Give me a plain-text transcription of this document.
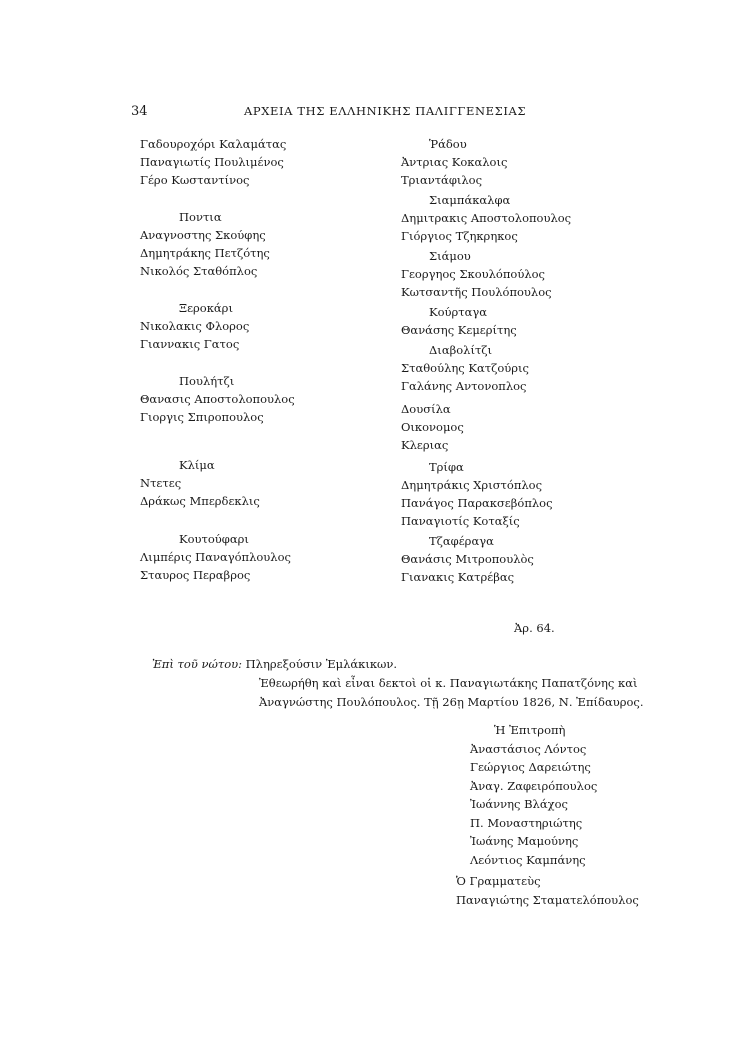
34	ΑΡΧΕΙΑ ΤΗΣ ΕΛΛΗΝΙΚΗΣ ΠΑΛΙΓΓΕΝΕΣΙΑΣ
Γαδουροχόρι Καλαμάτας
Παναγιωτίς Πουλιμένος
Γέρο Κωσταντίνος
Ποντια
Αναγνοστης Σκούφης
Δημητράκης Πετζότης
Νικολός Σταθόπλος
Ξεροκάρι
Νικολακις Φλορος
Γιαννακις Γατος
Πουλήτζι
Θανασις Αποστολοπουλος
Γιοργις Σπιροπουλος
Κλίμα
Ντετες
Δράκως Μπερδεκλις
Κουτούφαρι
Λιμπέρις Παναγόπλουλος
Σταυρος Περαβρος
Ῥάδου
Ἀντριας Κοκαλοις
Τριαντάφιλος
Σιαμπάκαλφα
Δημιτρακις Αποστολοπουλος
Γιόργιος Τζηκρηκος
Σιάμου
Γεοργηος Σκουλόπούλος
Κωτσαντῆς Πουλόπουλος
Κούρταγα
Θανάσης Κεμερίτης
Διαβολίτζι
Σταθούλης Κατζούρις
Γαλάνης Αντονοπλος
Δουσίλα
Οικονομος
Κλεριας
Τρίφα
Δημητράκις Χριστόπλος
Πανάγος Παρακσεβόπλος
Παναγιοτίς Κοταξίς
Τζαφέραγα
Θανάσις Μιτροπουλὸς
Γιανακις Κατρέβας
Ἀρ. 64.
Ἐπὶ τοῦ νώτου: Πληρεξούσιν Ἐμλάκικων.
Ἐθεωρήθη καὶ εἶναι δεκτοὶ οἱ κ. Παναγιωτάκης Παπατζόνης καὶ
Ἀναγνώστης Πουλόπουλος. Τῇ 26ῃ Μαρτίου 1826, Ν. Ἐπίδαυρος.
Ἡ Ἐπιτροπὴ
Ἀναστάσιος Λόντος
Γεώργιος Δαρειώτης
Ἀναγ. Ζαφειρόπουλος
Ἰωάννης Βλάχος
Π. Μοναστηριώτης
Ἰωάνης Μαμούνης
Λεόντιος Καμπάνης
Ὁ Γραμματεὺς
Παναγιώτης Σταματελόπουλος
